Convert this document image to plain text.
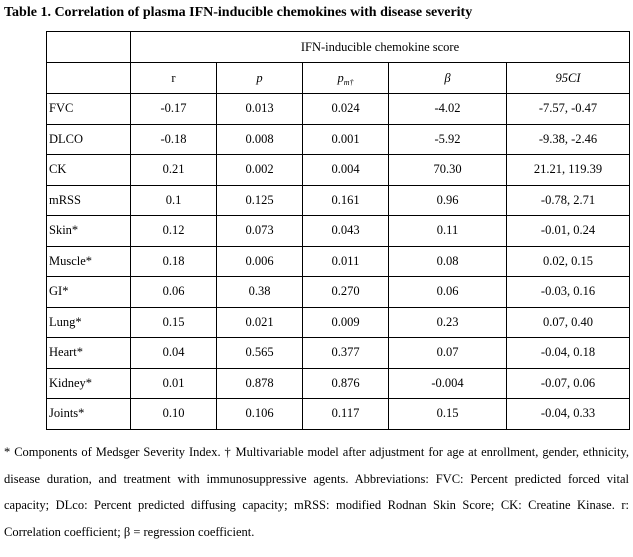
Table 1. Correlation of plasma IFN-inducible chemokines with disease severity
	IFN-inducible chemokine score				
	r	p	$p_{m\dagger}$	β	95CI
FVC	-0.17	0.013	0.024	-4.02	-7.57, -0.47
DLCO	-0.18	0.008	0.001	-5.92	-9.38, -2.46
CK	0.21	0.002	0.004	70.30	21.21, 119.39
mRSS	0.1	0.125	0.161	0.96	-0.78, 2.71
Skin*	0.12	0.073	0.043	0.11	-0.01, 0.24
Muscle*	0.18	0.006	0.011	0.08	0.02, 0.15
GI*	0.06	0.38	0.270	0.06	-0.03, 0.16
Lung*	0.15	0.021	0.009	0.23	0.07, 0.40
Heart*	0.04	0.565	0.377	0.07	-0.04, 0.18
Kidney*	0.01	0.878	0.876	-0.004	-0.07, 0.06
Joints*	0.10	0.106	0.117	0.15	-0.04, 0.33
* Components of Medsger Severity Index. † Multivariable model after adjustment for age at enrollment, gender, ethnicity, disease duration, and treatment with immunosuppressive agents. Abbreviations: FVC: Percent predicted forced vital capacity; DLco: Percent predicted diffusing capacity; mRSS: modified Rodnan Skin Score; CK: Creatine Kinase. r: Correlation coefficient; β = regression coefficient.
